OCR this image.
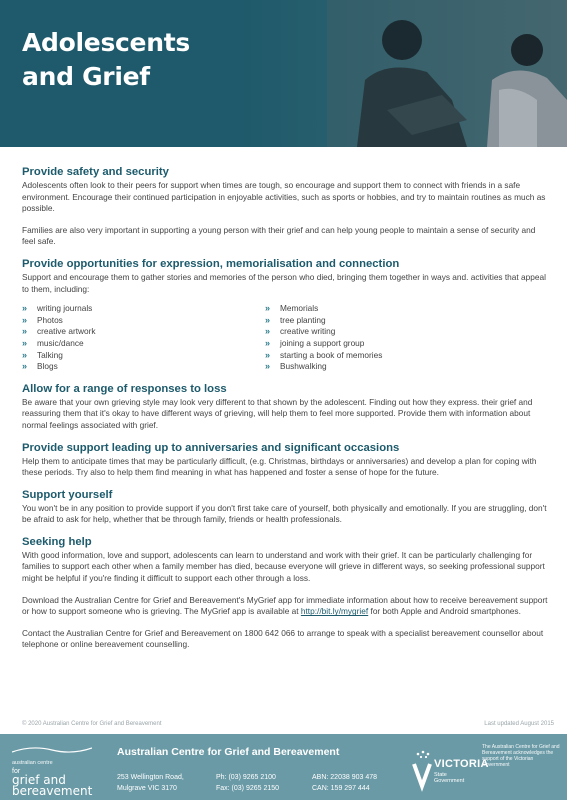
Adolescents
and Grief
Provide safety and security

Adolescents often look to their peers for support when times are tough, so encourage and support them to connect with friends in a safe environment. Encourage their continued participation in enjoyable activities, such as sports or hobbies, and try to maintain routines as much as possible.

Families are also very important in supporting a young person with their grief and can help young people to maintain a sense of security and feel safe.

Provide opportunities for expression, memorialisation and connection

Support and encourage them to gather stories and memories of the person who died, bringing them together in ways and. activities that appeal to them, including:

»	writing journals
»	Photos
»	creative artwork
»	music/dance
»	Talking
»	Blogs
»	Memorials
»	tree planting
»	creative writing
»	joining a support group
»	starting a book of memories
»	Bushwalking
Allow for a range of responses to loss

Be aware that your own grieving style may look very different to that shown by the adolescent. Finding out how they express. their grief and reassuring them that it's okay to have different ways of grieving, will help them to feel more supported. Provide them with information about normal feelings associated with grief.

Provide support leading up to anniversaries and significant occasions

Help them to anticipate times that may be particularly difficult, (e.g. Christmas, birthdays or anniversaries) and develop a plan for coping with these periods. Try also to help them find meaning in what has happened and foster a sense of hope for the future.

Support yourself

You won't be in any position to provide support if you don't first take care of yourself, both physically and emotionally. If you are struggling, don't be afraid to ask for help, whether that be through family, friends or health professionals.

Seeking help

With good information, love and support, adolescents can learn to understand and work with their grief. It can be particularly challenging for families to support each other when a family member has died, because everyone will grieve in different ways, so seeking professional support might be helpful if you're finding it difficult to support each other through a loss.

Download the Australian Centre for Grief and Bereavement's MyGrief app for immediate information about how to receive bereavement support or how to support someone who is grieving. The MyGrief app is available at http://bit.ly/mygrief for both Apple and Android smartphones.

Contact the Australian Centre for Grief and Bereavement on 1800 642 066 to arrange to speak with a specialist bereavement counsellor about telephone or online bereavement counselling.

© 2020 Australian Centre for Grief and Bereavement	Last updated August 2015
australian centre
for
grief and
bereavement
Australian Centre for Grief and Bereavement
253 Wellington Road,
Mulgrave VIC 3170
Ph: (03) 9265 2100
Fax: (03) 9265 2150
ABN: 22038 903 478
CAN: 159 297 444
VICTORIA
State
Government
The Australian Centre for Grief and Bereavement acknowledges the support of the Victorian Government
